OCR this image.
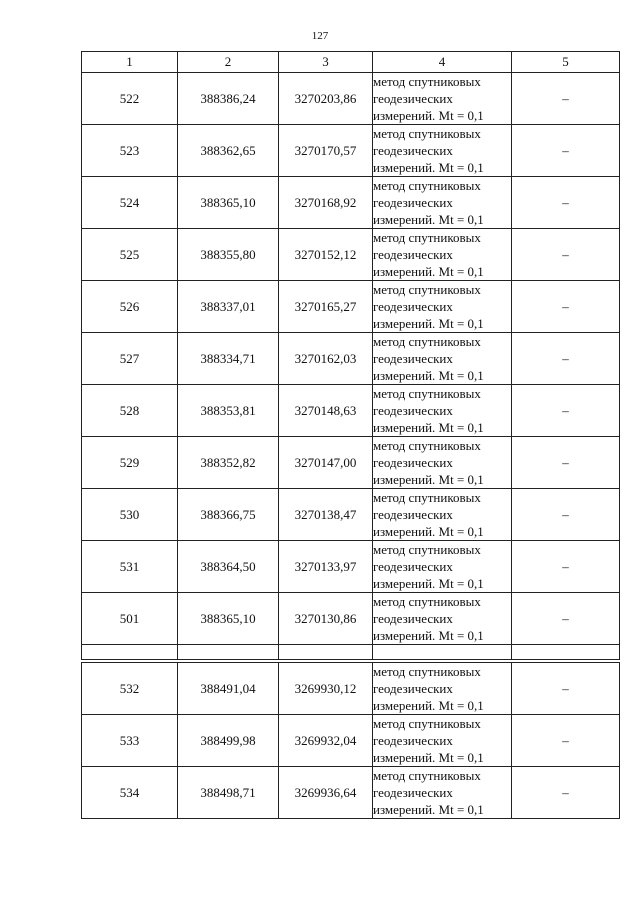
127
1	2	3	4	5
522	388386,24	3270203,86	метод спутниковых
геодезических
измерений. Mt = 0,1	–
523	388362,65	3270170,57	метод спутниковых
геодезических
измерений. Mt = 0,1	–
524	388365,10	3270168,92	метод спутниковых
геодезических
измерений. Mt = 0,1	–
525	388355,80	3270152,12	метод спутниковых
геодезических
измерений. Mt = 0,1	–
526	388337,01	3270165,27	метод спутниковых
геодезических
измерений. Mt = 0,1	–
527	388334,71	3270162,03	метод спутниковых
геодезических
измерений. Mt = 0,1	–
528	388353,81	3270148,63	метод спутниковых
геодезических
измерений. Mt = 0,1	–
529	388352,82	3270147,00	метод спутниковых
геодезических
измерений. Mt = 0,1	–
530	388366,75	3270138,47	метод спутниковых
геодезических
измерений. Mt = 0,1	–
531	388364,50	3270133,97	метод спутниковых
геодезических
измерений. Mt = 0,1	–
501	388365,10	3270130,86	метод спутниковых
геодезических
измерений. Mt = 0,1	–

532	388491,04	3269930,12	метод спутниковых
геодезических
измерений. Mt = 0,1	–
533	388499,98	3269932,04	метод спутниковых
геодезических
измерений. Mt = 0,1	–
534	388498,71	3269936,64	метод спутниковых
геодезических
измерений. Mt = 0,1	–
